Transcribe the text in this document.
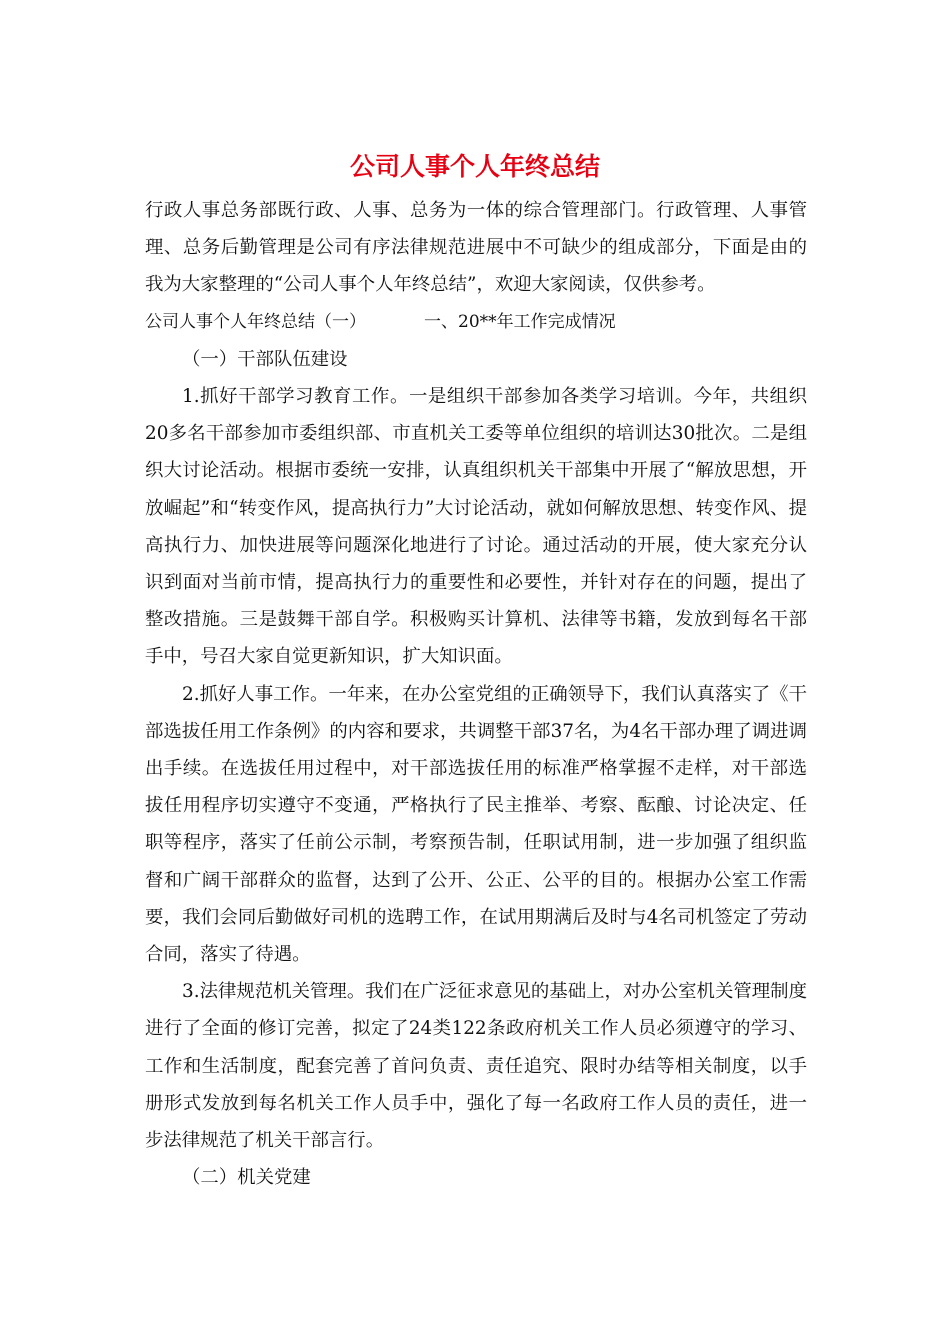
公司人事个人年终总结

行政人事总务部既行政、人事、总务为一体的综合管理部门。行政管理、人事管理、总务后勤管理是公司有序法律规范进展中不可缺少的组成部分，下面是由的我为大家整理的“公司人事个人年终总结”，欢迎大家阅读，仅供参考。

公司人事个人年终总结（一）	一、20**年工作完成情况

（一）干部队伍建设

1.抓好干部学习教育工作。一是组织干部参加各类学习培训。今年，共组织20多名干部参加市委组织部、市直机关工委等单位组织的培训达30批次。二是组织大讨论活动。根据市委统一安排，认真组织机关干部集中开展了“解放思想，开放崛起”和“转变作风，提高执行力”大讨论活动，就如何解放思想、转变作风、提高执行力、加快进展等问题深化地进行了讨论。通过活动的开展，使大家充分认识到面对当前市情，提高执行力的重要性和必要性，并针对存在的问题，提出了整改措施。三是鼓舞干部自学。积极购买计算机、法律等书籍，发放到每名干部手中，号召大家自觉更新知识，扩大知识面。

2.抓好人事工作。一年来，在办公室党组的正确领导下，我们认真落实了《干部选拔任用工作条例》的内容和要求，共调整干部37名，为4名干部办理了调进调出手续。在选拔任用过程中，对干部选拔任用的标准严格掌握不走样，对干部选拔任用程序切实遵守不变通，严格执行了民主推举、考察、酝酿、讨论决定、任职等程序，落实了任前公示制，考察预告制，任职试用制，进一步加强了组织监督和广阔干部群众的监督，达到了公开、公正、公平的目的。根据办公室工作需要，我们会同后勤做好司机的选聘工作，在试用期满后及时与4名司机签定了劳动合同，落实了待遇。

3.法律规范机关管理。我们在广泛征求意见的基础上，对办公室机关管理制度进行了全面的修订完善，拟定了24类122条政府机关工作人员必须遵守的学习、工作和生活制度，配套完善了首问负责、责任追究、限时办结等相关制度，以手册形式发放到每名机关工作人员手中，强化了每一名政府工作人员的责任，进一步法律规范了机关干部言行。

（二）机关党建
